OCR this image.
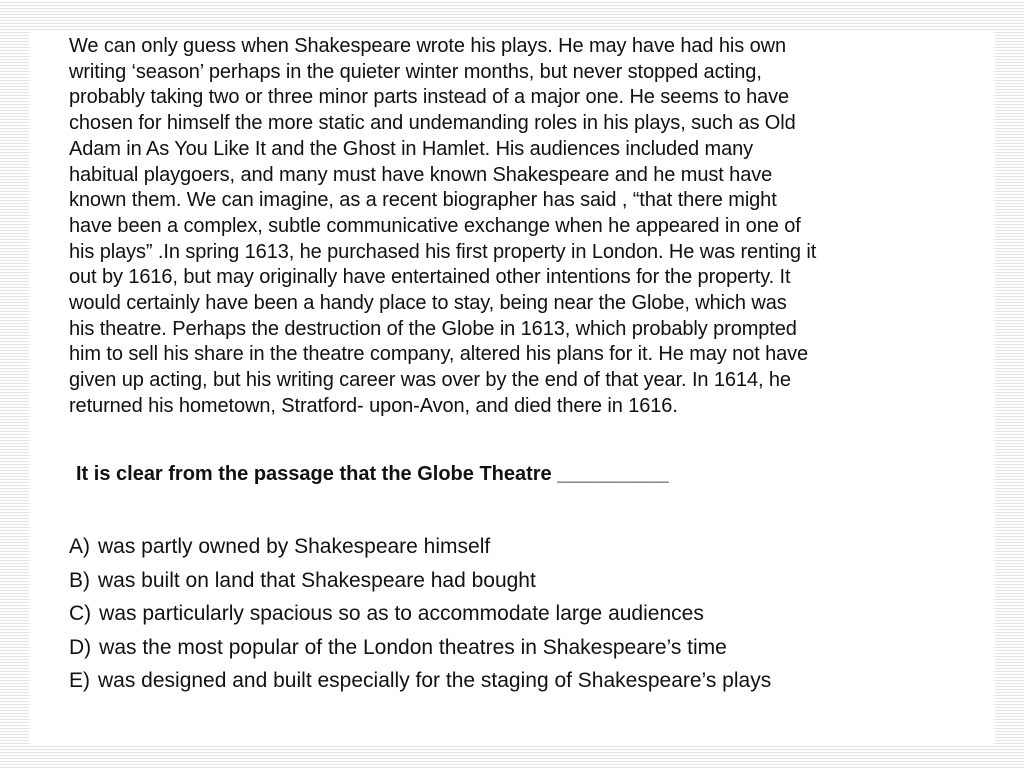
We can only guess when Shakespeare wrote his plays. He may have had his own
writing ‘season’ perhaps in the quieter winter months, but never stopped acting,
probably taking two or three minor parts instead of a major one. He seems to have
chosen for himself the more static and undemanding roles in his plays, such as Old
Adam in As You Like It and the Ghost in Hamlet. His audiences included many
habitual playgoers, and many must have known Shakespeare and he must have
known them. We can imagine, as a recent biographer has said , “that there might
have been a complex, subtle communicative exchange when he appeared in one of
his plays” .In spring 1613, he purchased his first property in London. He was renting it
out by 1616, but may originally have entertained other intentions for the property. It
would certainly have been a handy place to stay, being near the Globe, which was
his theatre. Perhaps the destruction of the Globe in 1613, which probably prompted
him to sell his share in the theatre company, altered his plans for it. He may not have
given up acting, but his writing career was over by the end of that year. In 1614, he
returned his hometown, Stratford- upon-Avon, and died there in 1616.

It is clear from the passage that the Globe Theatre __________

A) was partly owned by Shakespeare himself
B) was built on land that Shakespeare had bought
C) was particularly spacious so as to accommodate large audiences
D) was the most popular of the London theatres in Shakespeare’s time
E) was designed and built especially for the staging of Shakespeare’s plays
